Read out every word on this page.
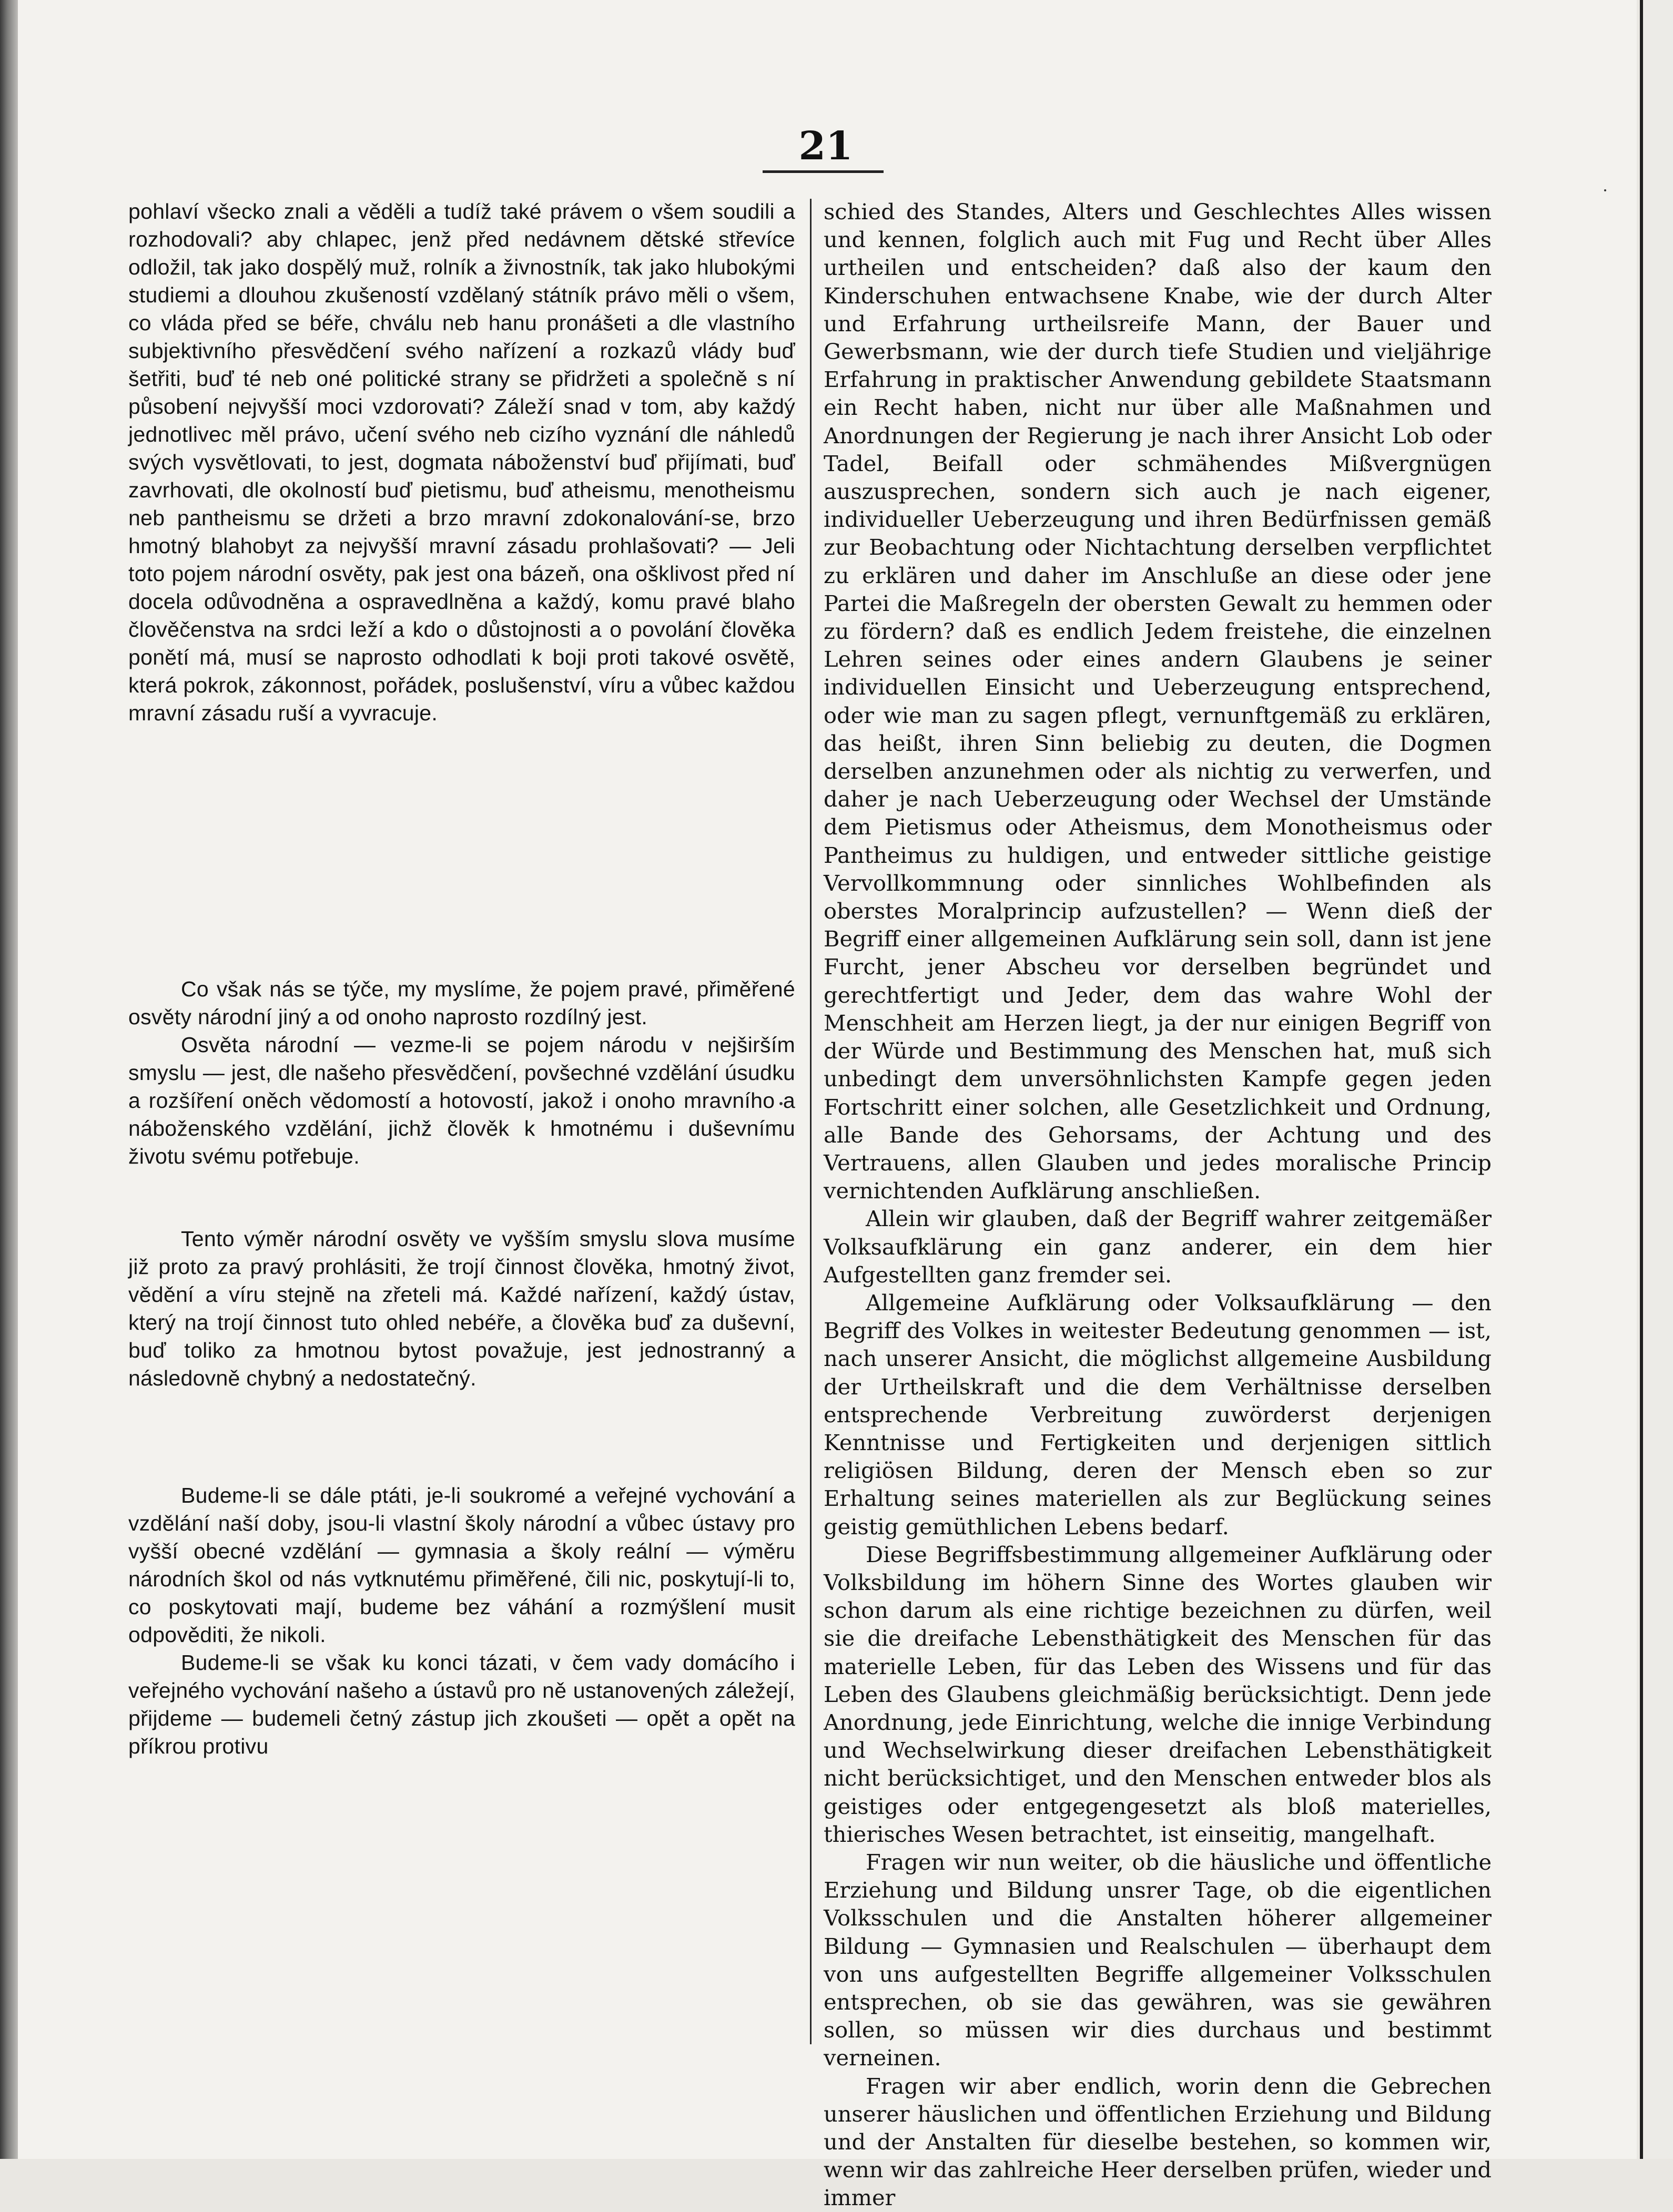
21

pohlaví všecko znali a věděli a tudíž také právem o všem soudili a rozhodovali? aby chlapec, jenž před nedávnem dětské střevíce odložil, tak jako dospělý muž, rolník a živnostník, tak jako hlubokými studiemi a dlouhou zkušeností vzdělaný státník právo měli o všem, co vláda před se béře, chválu neb hanu pronášeti a dle vlastního subjektivního přesvědčení svého nařízení a rozkazů vlády buď šetřiti, buď té neb oné politické strany se přidržeti a společně s ní působení nejvyšší moci vzdorovati? Záleží snad v tom, aby každý jednotlivec měl právo, učení svého neb cizího vyznání dle náhledů svých vysvětlovati, to jest, dogmata náboženství buď přijímati, buď zavrhovati, dle okolností buď pietismu, buď atheismu, menotheismu neb pantheismu se držeti a brzo mravní zdokonalování-se, brzo hmotný blahobyt za nejvyšší mravní zásadu prohlašovati? — Jeli toto pojem národní osvěty, pak jest ona bázeň, ona ošklivost před ní docela odůvodněna a ospravedlněna a každý, komu pravé blaho člověčenstva na srdci leží a kdo o důstojnosti a o povolání člověka ponětí má, musí se naprosto odhodlati k boji proti takové osvětě, která pokrok, zákonnost, pořádek, poslušenství, víru a vůbec každou mravní zásadu ruší a vyvracuje.

Co však nás se týče, my myslíme, že pojem pravé, přiměřené osvěty národní jiný a od onoho naprosto rozdílný jest.

Osvěta národní — vezme-li se pojem národu v nejširším smyslu — jest, dle našeho přesvědčení, povšechné vzdělání úsudku a rozšíření oněch vědomostí a hotovostí, jakož i onoho mravního a náboženského vzdělání, jichž člověk k hmotnému i duševnímu životu svému potřebuje.

Tento výměr národní osvěty ve vyšším smyslu slova musíme již proto za pravý prohlásiti, že trojí činnost člověka, hmotný život, vědění a víru stejně na zřeteli má. Každé nařízení, každý ústav, který na trojí činnost tuto ohled nebéře, a člověka buď za duševní, buď toliko za hmotnou bytost považuje, jest jednostranný a následovně chybný a nedostatečný.

Budeme-li se dále ptáti, je-li soukromé a veřejné vychování a vzdělání naší doby, jsou-li vlastní školy národní a vůbec ústavy pro vyšší obecné vzdělání — gymnasia a školy reální — výměru národních škol od nás vytknutému přiměřené, čili nic, poskytují-li to, co poskytovati mají, budeme bez váhání a rozmýšlení musit odpověditi, že nikoli.

Budeme-li se však ku konci tázati, v čem vady domácího i veřejného vychování našeho a ústavů pro ně ustanovených záležejí, přijdeme — budemeli četný zástup jich zkoušeti — opět a opět na příkrou protivu

schied des Standes, Alters und Geschlechtes Alles wissen und kennen, folglich auch mit Fug und Recht über Alles urtheilen und entscheiden? daß also der kaum den Kinderschuhen entwachsene Knabe, wie der durch Alter und Erfahrung urtheilsreife Mann, der Bauer und Gewerbsmann, wie der durch tiefe Studien und vieljährige Erfahrung in praktischer Anwendung gebildete Staatsmann ein Recht haben, nicht nur über alle Maßnahmen und Anordnungen der Regierung je nach ihrer Ansicht Lob oder Tadel, Beifall oder schmähendes Mißvergnügen auszusprechen, sondern sich auch je nach eigener, individueller Ueberzeugung und ihren Bedürfnissen gemäß zur Beobachtung oder Nichtachtung derselben verpflichtet zu erklären und daher im Anschluße an diese oder jene Partei die Maßregeln der obersten Gewalt zu hemmen oder zu fördern? daß es endlich Jedem freistehe, die einzelnen Lehren seines oder eines andern Glaubens je seiner individuellen Einsicht und Ueberzeugung entsprechend, oder wie man zu sagen pflegt, vernunftgemäß zu erklären, das heißt, ihren Sinn beliebig zu deuten, die Dogmen derselben anzunehmen oder als nichtig zu verwerfen, und daher je nach Ueberzeugung oder Wechsel der Umstände dem Pietismus oder Atheismus, dem Monotheismus oder Pantheimus zu huldigen, und entweder sittliche geistige Vervollkommnung oder sinnliches Wohlbefinden als oberstes Moralprincip aufzustellen? — Wenn dieß der Begriff einer allgemeinen Aufklärung sein soll, dann ist jene Furcht, jener Abscheu vor derselben begründet und gerechtfertigt und Jeder, dem das wahre Wohl der Menschheit am Herzen liegt, ja der nur einigen Begriff von der Würde und Bestimmung des Menschen hat, muß sich unbedingt dem unversöhnlichsten Kampfe gegen jeden Fortschritt einer solchen, alle Gesetzlichkeit und Ordnung, alle Bande des Gehorsams, der Achtung und des Vertrauens, allen Glauben und jedes moralische Princip vernichtenden Aufklärung anschließen.

Allein wir glauben, daß der Begriff wahrer zeitgemäßer Volksaufklärung ein ganz anderer, ein dem hier Aufgestellten ganz fremder sei.

Allgemeine Aufklärung oder Volksaufklärung — den Begriff des Volkes in weitester Bedeutung genommen — ist, nach unserer Ansicht, die möglichst allgemeine Ausbildung der Urtheilskraft und die dem Verhältnisse derselben entsprechende Verbreitung zuwörderst derjenigen Kenntnisse und Fertigkeiten und derjenigen sittlich religiösen Bildung, deren der Mensch eben so zur Erhaltung seines materiellen als zur Beglückung seines geistig gemüthlichen Lebens bedarf.

Diese Begriffsbestimmung allgemeiner Aufklärung oder Volksbildung im höhern Sinne des Wortes glauben wir schon darum als eine richtige bezeichnen zu dürfen, weil sie die dreifache Lebensthätigkeit des Menschen für das materielle Leben, für das Leben des Wissens und für das Leben des Glaubens gleichmäßig berücksichtigt. Denn jede Anordnung, jede Einrichtung, welche die innige Verbindung und Wechselwirkung dieser dreifachen Lebensthätigkeit nicht berücksichtiget, und den Menschen entweder blos als geistiges oder entgegengesetzt als bloß materielles, thierisches Wesen betrachtet, ist einseitig, mangelhaft.

Fragen wir nun weiter, ob die häusliche und öffentliche Erziehung und Bildung unsrer Tage, ob die eigentlichen Volksschulen und die Anstalten höherer allgemeiner Bildung — Gymnasien und Realschulen — überhaupt dem von uns aufgestellten Begriffe allgemeiner Volksschulen entsprechen, ob sie das gewähren, was sie gewähren sollen, so müssen wir dies durchaus und bestimmt verneinen.

Fragen wir aber endlich, worin denn die Gebrechen unserer häuslichen und öffentlichen Erziehung und Bildung und der Anstalten für dieselbe bestehen, so kommen wir, wenn wir das zahlreiche Heer derselben prüfen, wieder und immer
